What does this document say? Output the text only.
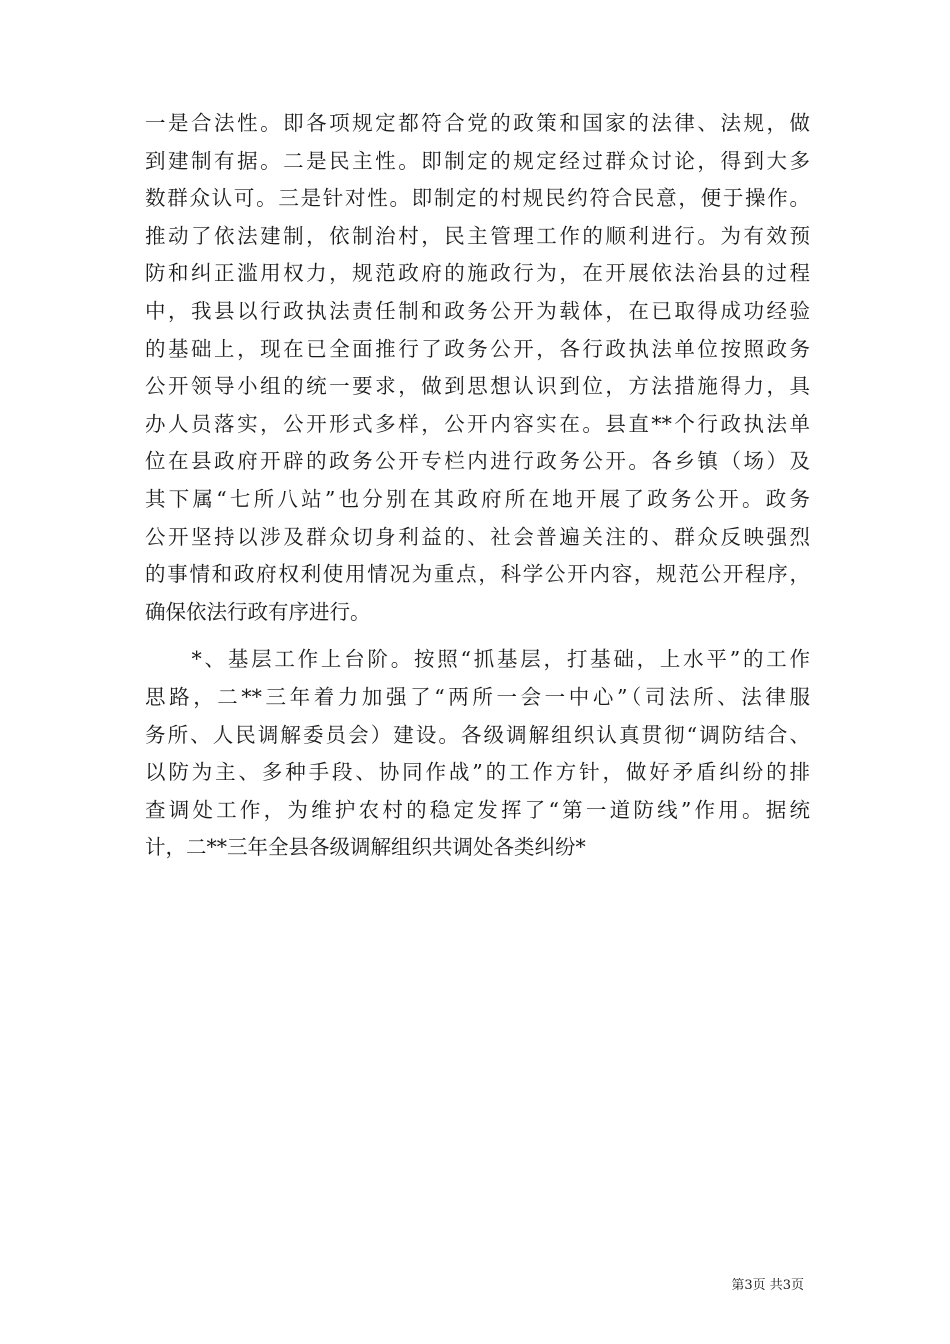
一是合法性。即各项规定都符合党的政策和国家的法律、法规，做
到建制有据。二是民主性。即制定的规定经过群众讨论，得到大多
数群众认可。三是针对性。即制定的村规民约符合民意，便于操作。
推动了依法建制，依制治村，民主管理工作的顺利进行。为有效预
防和纠正滥用权力，规范政府的施政行为，在开展依法治县的过程
中，我县以行政执法责任制和政务公开为载体，在已取得成功经验
的基础上，现在已全面推行了政务公开，各行政执法单位按照政务
公开领导小组的统一要求，做到思想认识到位，方法措施得力，具
办人员落实，公开形式多样，公开内容实在。县直**个行政执法单
位在县政府开辟的政务公开专栏内进行政务公开。各乡镇（场）及
其下属“七所八站”也分别在其政府所在地开展了政务公开。政务
公开坚持以涉及群众切身利益的、社会普遍关注的、群众反映强烈
的事情和政府权利使用情况为重点，科学公开内容，规范公开程序，
确保依法行政有序进行。
　　*、基层工作上台阶。按照“抓基层，打基础，上水平”的工作
思路，二**三年着力加强了“两所一会一中心”（司法所、法律服
务所、人民调解委员会）建设。各级调解组织认真贯彻“调防结合、
以防为主、多种手段、协同作战”的工作方针，做好矛盾纠纷的排
查调处工作，为维护农村的稳定发挥了“第一道防线”作用。据统
计，二**三年全县各级调解组织共调处各类纠纷*
第3页 共3页
